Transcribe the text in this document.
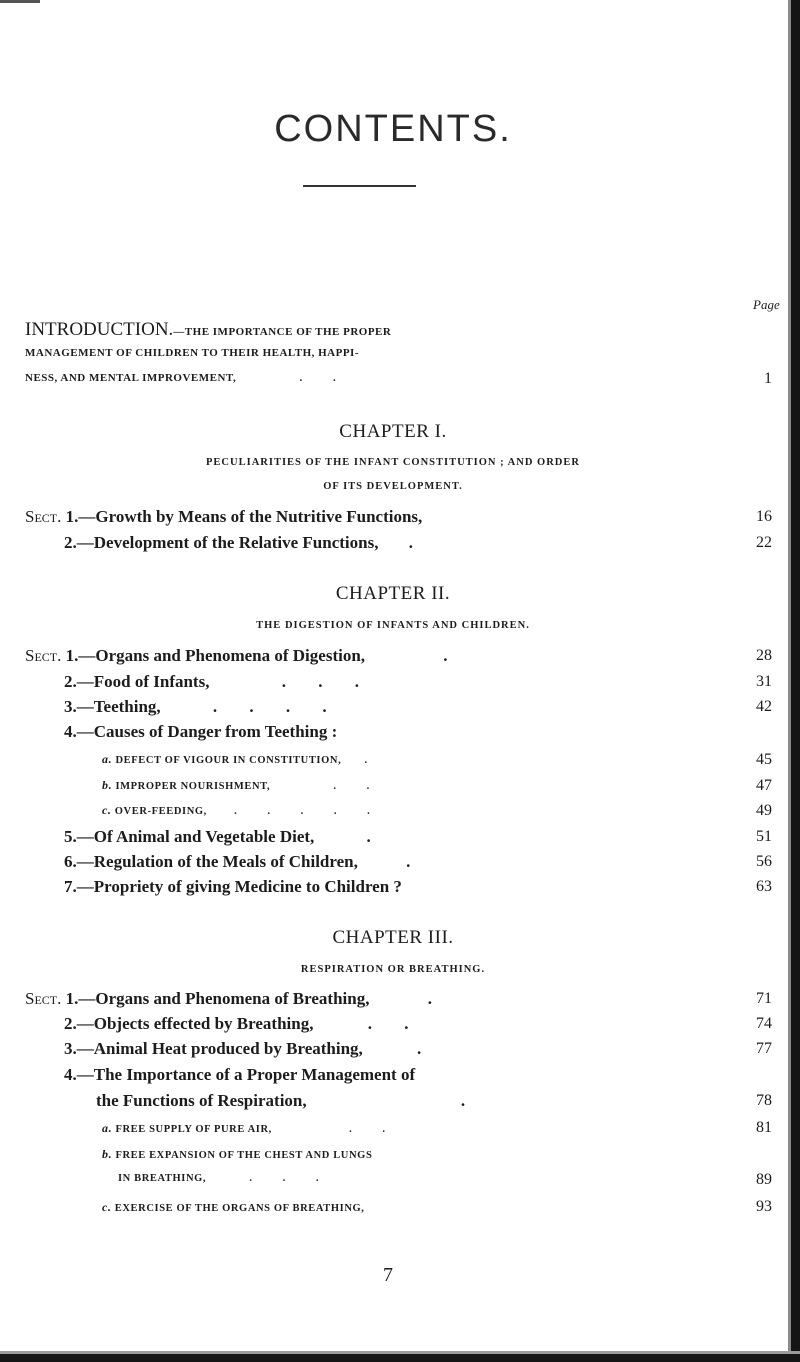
CONTENTS.
Page
INTRODUCTION.—THE IMPORTANCE OF THE PROPER
MANAGEMENT OF CHILDREN TO THEIR HEALTH, HAPPI-
NESS, AND MENTAL IMPROVEMENT,	. .	1
CHAPTER I.
PECULIARITIES OF THE INFANT CONSTITUTION ; AND ORDER
OF ITS DEVELOPMENT.
Sect. 1.—Growth by Means of the Nutritive Functions,	16
2.—Development of the Relative Functions, .	22
CHAPTER II.
THE DIGESTION OF INFANTS AND CHILDREN.
Sect. 1.—Organs and Phenomena of Digestion,	.	28
2.—Food of Infants,	. . .	31
3.—Teething,	. . . .	42
4.—Causes of Danger from Teething :
a. DEFECT OF VIGOUR IN CONSTITUTION, .	45
b. IMPROPER NOURISHMENT,	. .	47
c. OVER-FEEDING,	. . . . .	49
5.—Of Animal and Vegetable Diet,	.	51
6.—Regulation of the Meals of Children,	.	56
7.—Propriety of giving Medicine to Children ?	63
CHAPTER III.
RESPIRATION OR BREATHING.
Sect. 1.—Organs and Phenomena of Breathing,	.	71
2.—Objects effected by Breathing,	. .	74
3.—Animal Heat produced by Breathing,	.	77
4.—The Importance of a Proper Management of
the Functions of Respiration,	.	78
a. FREE SUPPLY OF PURE AIR,	. .	81
b. FREE EXPANSION OF THE CHEST AND LUNGS
IN BREATHING,	. . .	89
c. EXERCISE OF THE ORGANS OF BREATHING,	93
7
